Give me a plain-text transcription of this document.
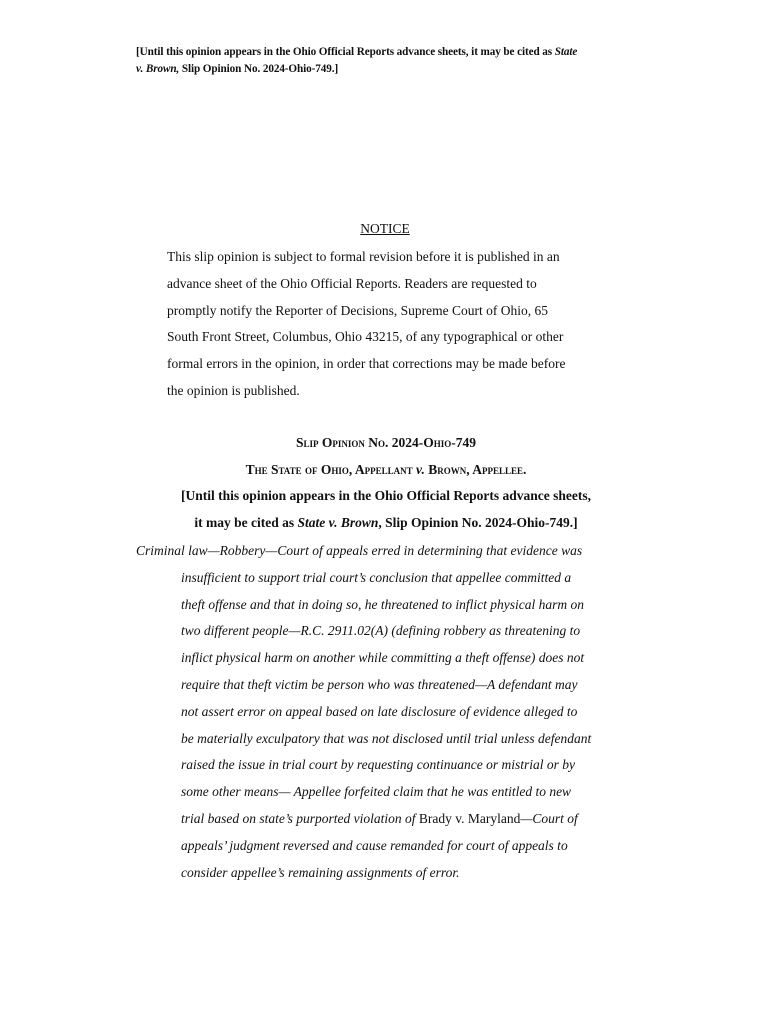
[Until this opinion appears in the Ohio Official Reports advance sheets, it may be cited as State
v. Brown, Slip Opinion No. 2024-Ohio-749.]
NOTICE
This slip opinion is subject to formal revision before it is published in an
advance sheet of the Ohio Official Reports. Readers are requested to
promptly notify the Reporter of Decisions, Supreme Court of Ohio, 65
South Front Street, Columbus, Ohio 43215, of any typographical or other
formal errors in the opinion, in order that corrections may be made before
the opinion is published.
Slip Opinion No. 2024-Ohio-749
The State of Ohio, Appellant v. Brown, Appellee.
[Until this opinion appears in the Ohio Official Reports advance sheets,
it may be cited as State v. Brown, Slip Opinion No. 2024-Ohio-749.]
Criminal law—Robbery—Court of appeals erred in determining that evidence was
insufficient to support trial court’s conclusion that appellee committed a
theft offense and that in doing so, he threatened to inflict physical harm on
two different people—R.C. 2911.02(A) (defining robbery as threatening to
inflict physical harm on another while committing a theft offense) does not
require that theft victim be person who was threatened—A defendant may
not assert error on appeal based on late disclosure of evidence alleged to
be materially exculpatory that was not disclosed until trial unless defendant
raised the issue in trial court by requesting continuance or mistrial or by
some other means— Appellee forfeited claim that he was entitled to new
trial based on state’s purported violation of Brady v. Maryland—Court of
appeals’ judgment reversed and cause remanded for court of appeals to
consider appellee’s remaining assignments of error.
